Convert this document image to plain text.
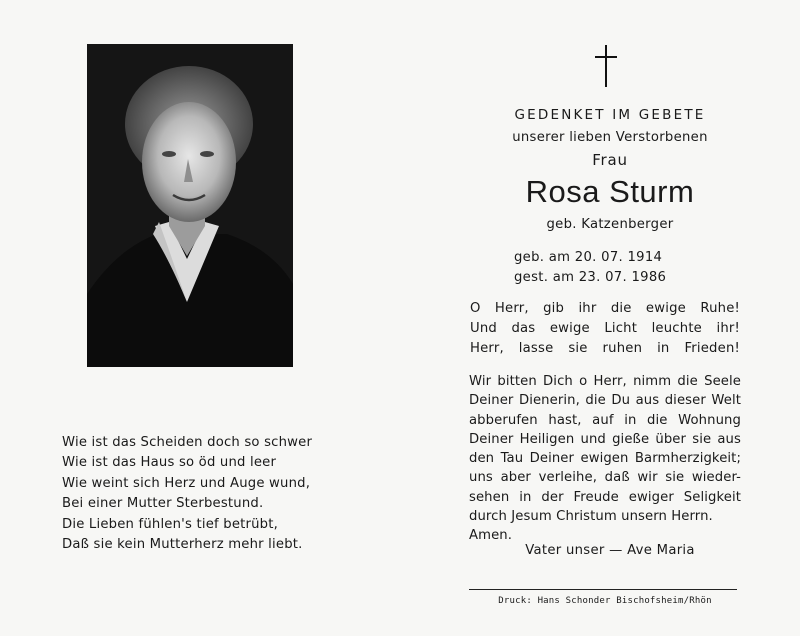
Wie ist das Scheiden doch so schwer
Wie ist das Haus so öd und leer
Wie weint sich Herz und Auge wund,
Bei einer Mutter Sterbestund.
Die Lieben fühlen's tief betrübt,
Daß sie kein Mutterherz mehr liebt.
GEDENKET IM GEBETE
unserer lieben Verstorbenen
Frau
Rosa Sturm
geb. Katzenberger
geb. am 20. 07. 1914
gest. am 23. 07. 1986
O Herr, gib ihr die ewige Ruhe!
Und das ewige Licht leuchte ihr!
Herr, lasse sie ruhen in Frieden!
Wir bitten Dich o Herr, nimm die Seele
Deiner Dienerin, die Du aus dieser Welt
abberufen hast, auf in die Wohnung
Deiner Heiligen und gieße über sie aus
den Tau Deiner ewigen Barmherzigkeit;
uns aber verleihe, daß wir sie wieder-
sehen in der Freude ewiger Seligkeit
durch Jesum Christum unsern Herrn.
Amen.
Vater unser — Ave Maria
Druck: Hans Schonder Bischofsheim/Rhön
